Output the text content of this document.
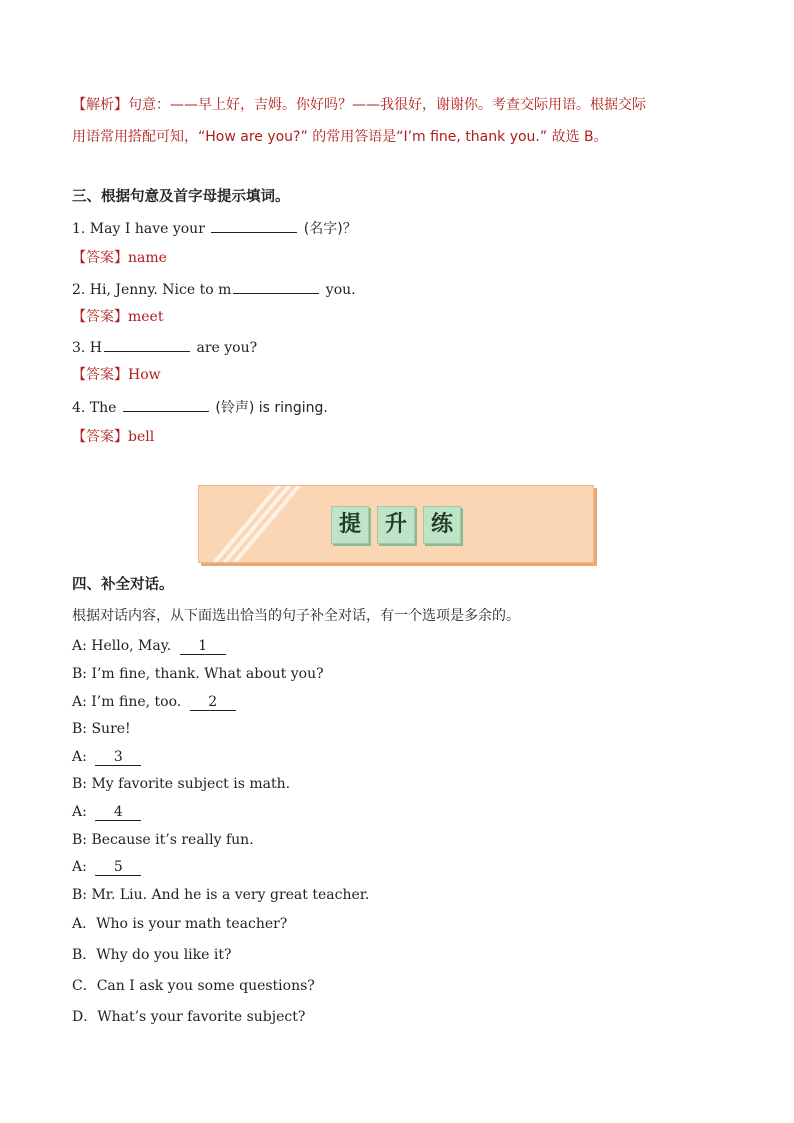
【解析】句意：——早上好，吉姆。你好吗？——我很好，谢谢你。考查交际用语。根据交际
用语常用搭配可知，“How are you?” 的常用答语是“I’m fine, thank you.” 故选 B。
三、根据句意及首字母提示填词。
1. May I have your	(名字)？
【答案】name
2. Hi, Jenny. Nice to m	you.
【答案】meet
3. H	are you?
【答案】How
4. The	(铃声) is ringing.
【答案】bell
提	升	练
四、补全对话。
根据对话内容，从下面选出恰当的句子补全对话，有一个选项是多余的。
A: Hello, May. 1
B: I’m fine, thank. What about you?
A: I’m fine, too. 2
B: Sure!
A: 3
B: My favorite subject is math.
A: 4
B: Because it’s really fun.
A: 5
B: Mr. Liu. And he is a very great teacher.
A．Who is your math teacher?
B．Why do you like it?
C．Can I ask you some questions?
D．What’s your favorite subject?
